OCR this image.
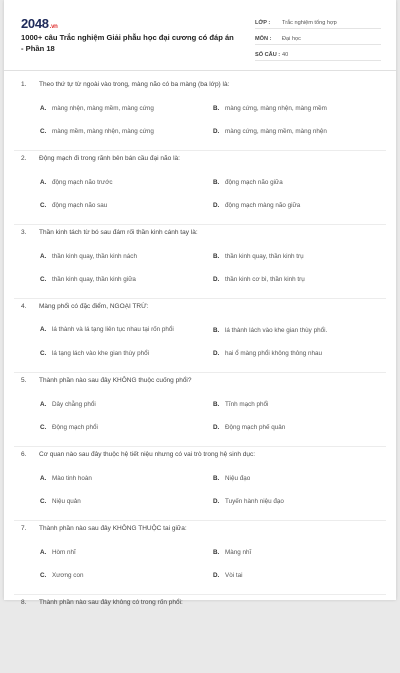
2048.vn
1000+ câu Trắc nghiệm Giải phẫu học đại cương có đáp án - Phần 18
LỚP :	Trắc nghiệm tổng hợp
MÔN :	Đại học
SỐ CÂU : 40
1. Theo thứ tự từ ngoài vào trong, màng não có ba màng (ba lớp) là:
A. màng nhện, màng mềm, màng cứng	B. màng cứng, màng nhện, màng mềm
C. màng mềm, màng nhện, màng cứng	D. màng cứng, màng mềm, màng nhện
2. Động mạch đi trong rãnh bên bán cầu đại não là:
A. động mạch não trước	B. động mạch não giữa
C. động mạch não sau	D. động mạch màng não giữa
3. Thần kinh tách từ bó sau đám rối thần kinh cánh tay là:
A. thần kinh quay, thần kinh nách	B. thần kinh quay, thần kinh trụ
C. thần kinh quay, thần kinh giữa	D. thần kinh cơ bì, thần kinh trụ
4. Màng phổi có đặc điểm, NGOẠI TRỪ:
A. lá thành và lá tạng liên tục nhau tại rốn phổi	B. lá thành lách vào khe gian thùy phổi.
C. lá tạng lách vào khe gian thùy phổi	D. hai ổ màng phổi không thông nhau
5. Thành phần nào sau đây KHÔNG thuộc cuống phổi?
A. Dây chằng phổi	B. Tĩnh mạch phổi
C. Động mạch phổi	D. Động mạch phế quản
6. Cơ quan nào sau đây thuộc hệ tiết niệu nhưng có vai trò trong hệ sinh dục:
A. Mào tinh hoàn	B. Niệu đạo
C. Niệu quản	D. Tuyến hành niệu đạo
7. Thành phần nào sau đây KHÔNG THUỘC tai giữa:
A. Hòm nhĩ	B. Màng nhĩ
C. Xương con	D. Vòi tai
8. Thành phần nào sau đây không có trong rốn phổi:
